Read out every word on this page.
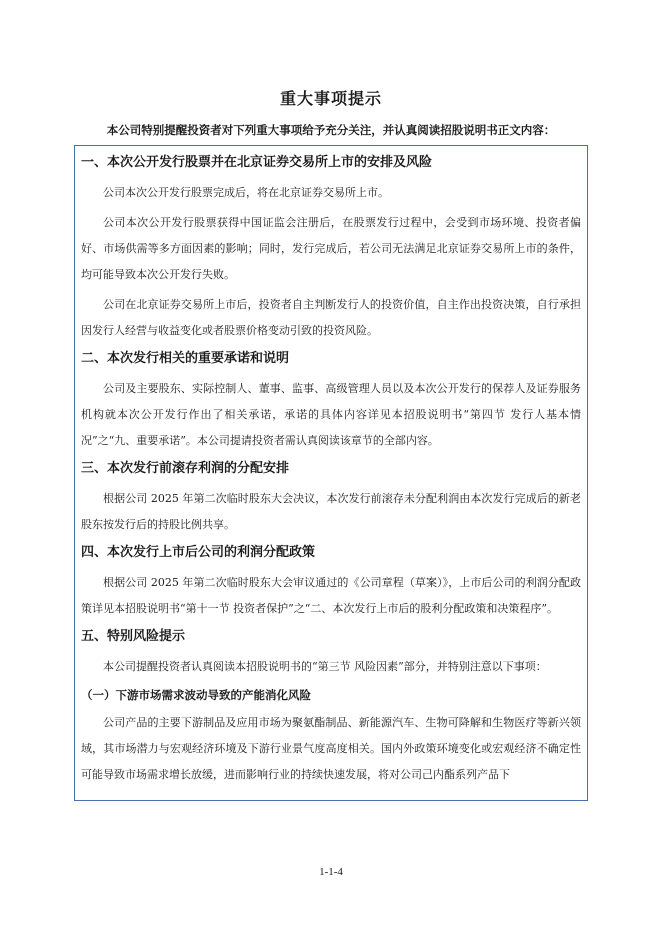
重大事项提示
本公司特别提醒投资者对下列重大事项给予充分关注，并认真阅读招股说明书正文内容：
一、本次公开发行股票并在北京证券交易所上市的安排及风险

公司本次公开发行股票完成后，将在北京证券交易所上市。

公司本次公开发行股票获得中国证监会注册后，在股票发行过程中，会受到市场环境、投资者偏好、市场供需等多方面因素的影响；同时，发行完成后，若公司无法满足北京证券交易所上市的条件，均可能导致本次公开发行失败。

公司在北京证券交易所上市后，投资者自主判断发行人的投资价值，自主作出投资决策，自行承担因发行人经营与收益变化或者股票价格变动引致的投资风险。

二、本次发行相关的重要承诺和说明

公司及主要股东、实际控制人、董事、监事、高级管理人员以及本次公开发行的保荐人及证券服务机构就本次公开发行作出了相关承诺，承诺的具体内容详见本招股说明书“第四节 发行人基本情况”之“九、重要承诺”。本公司提请投资者需认真阅读该章节的全部内容。

三、本次发行前滚存利润的分配安排

根据公司 2025 年第二次临时股东大会决议，本次发行前滚存未分配利润由本次发行完成后的新老股东按发行后的持股比例共享。

四、本次发行上市后公司的利润分配政策

根据公司 2025 年第二次临时股东大会审议通过的《公司章程（草案）》，上市后公司的利润分配政策详见本招股说明书“第十一节 投资者保护”之“二、本次发行上市后的股利分配政策和决策程序”。

五、特别风险提示

本公司提醒投资者认真阅读本招股说明书的“第三节 风险因素”部分，并特别注意以下事项：

（一）下游市场需求波动导致的产能消化风险

公司产品的主要下游制品及应用市场为聚氨酯制品、新能源汽车、生物可降解和生物医疗等新兴领域，其市场潜力与宏观经济环境及下游行业景气度高度相关。国内外政策环境变化或宏观经济不确定性可能导致市场需求增长放缓，进而影响行业的持续快速发展，将对公司己内酯系列产品下

1-1-4
